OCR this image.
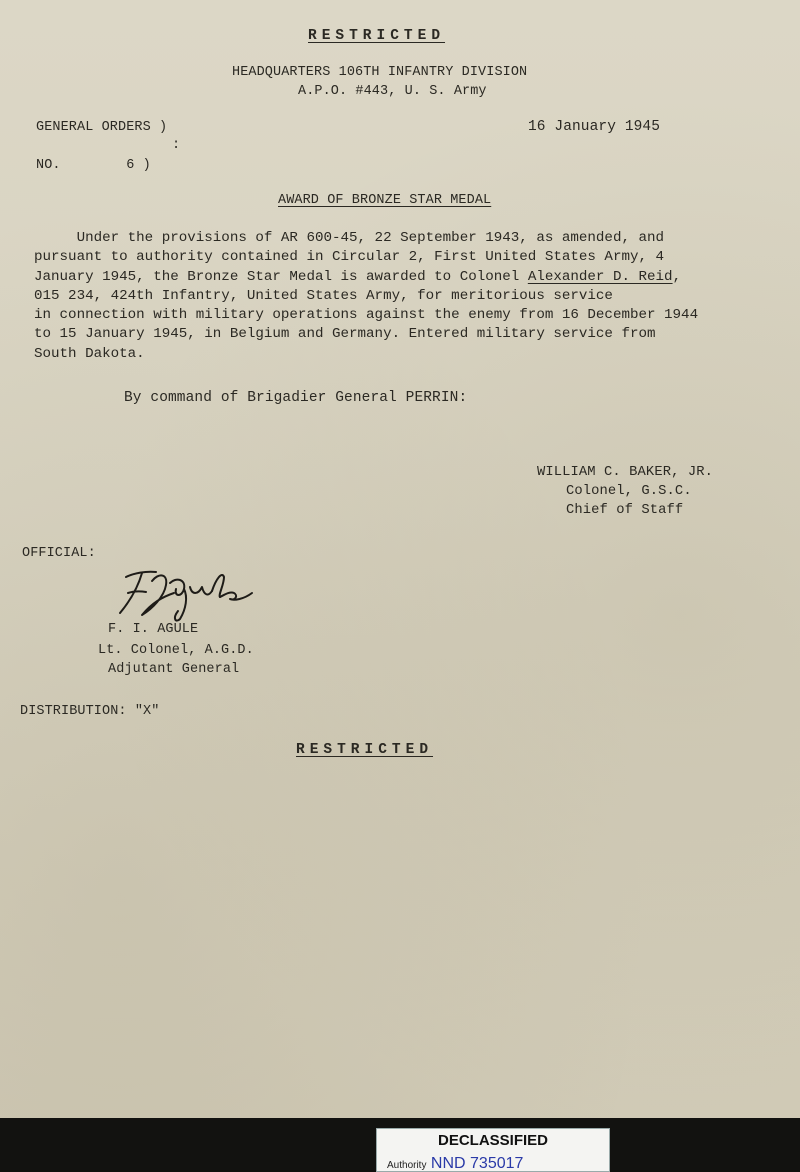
RESTRICTED
HEADQUARTERS 106TH INFANTRY DIVISION
A.P.O. #443, U. S. Army
GENERAL ORDERS )
:
NO.        6 )
16 January 1945
AWARD OF BRONZE STAR MEDAL
Under the provisions of AR 600-45, 22 September 1943, as amended, and
pursuant to authority contained in Circular 2, First United States Army, 4
January 1945, the Bronze Star Medal is awarded to Colonel Alexander D. Reid,
015 234, 424th Infantry, United States Army, for meritorious service
in connection with military operations against the enemy from 16 December 1944
to 15 January 1945, in Belgium and Germany. Entered military service from
South Dakota.
By command of Brigadier General PERRIN:
WILLIAM C. BAKER, JR.
Colonel, G.S.C.
Chief of Staff
OFFICIAL:
F. I. AGULE
Lt. Colonel, A.G.D.
Adjutant General
DISTRIBUTION: "X"
RESTRICTED
DECLASSIFIED
Authority NND 735017
